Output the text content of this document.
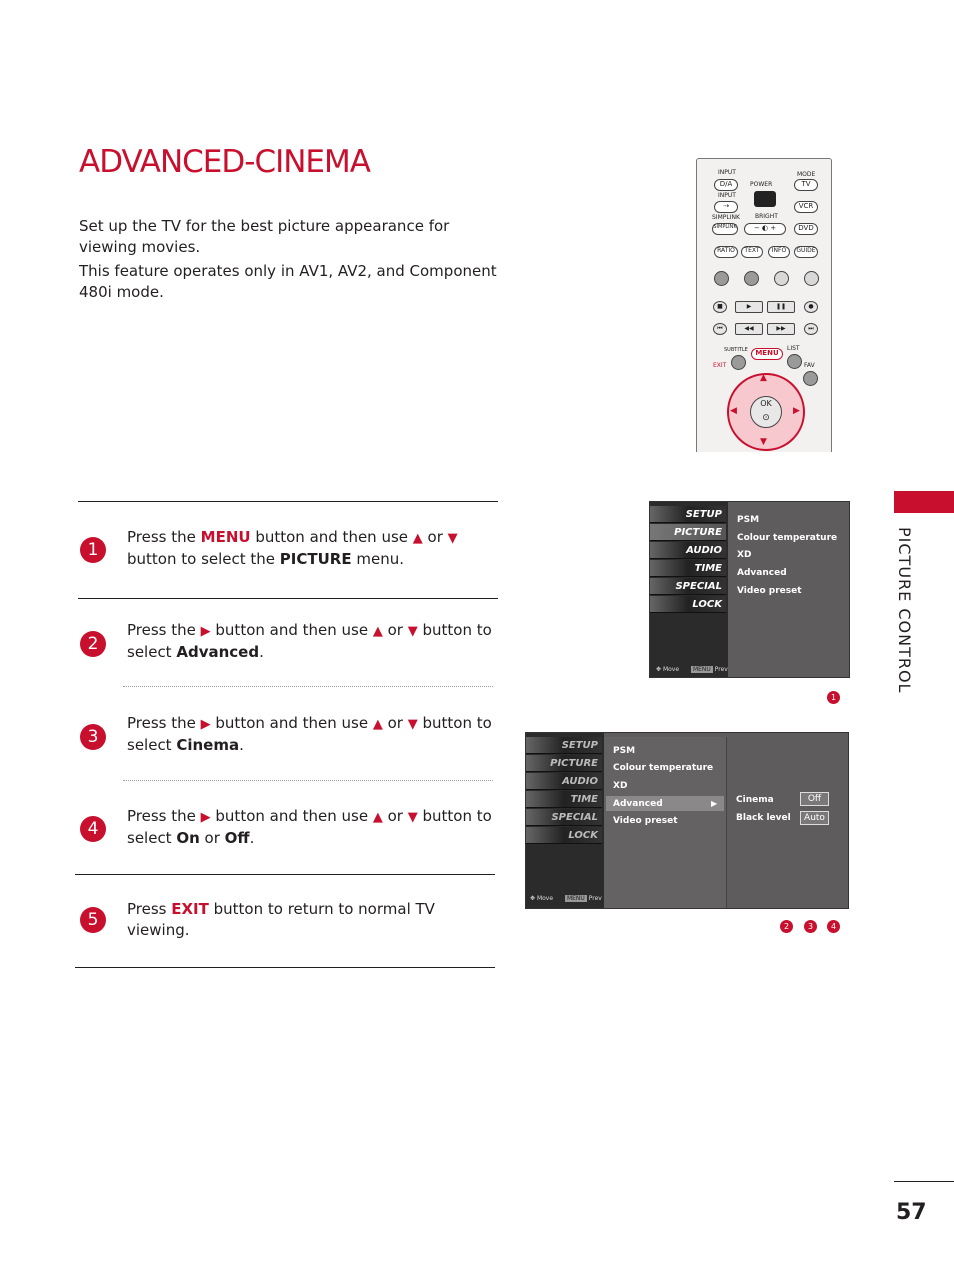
ADVANCED-CINEMA

Set up the TV for the best picture appearance for viewing movies.

This feature operates only in AV1, AV2, and Component 480i mode.

INPUT	MODE
D/A	POWER	TV
INPUT
⇢	VCR
SIMPLINK	BRIGHT
SIMPLINK	− ◐ +	DVD
RATIO	TEXT	INFO	GUIDE
■	▶	❚❚	●
⏮	◀◀	▶▶	⏭
SUBTITLE	LIST
MENU
EXIT	FAV
▲
▼
◀	▶
OK
⊙
1

Press the MENU button and then use ▲ or ▼ button to select the PICTURE menu.

2

Press the ▶ button and then use ▲ or ▼ button to select Advanced.

3

Press the ▶ button and then use ▲ or ▼ button to select Cinema.

4

Press the ▶ button and then use ▲ or ▼ button to select On or Off.

5

Press EXIT button to return to normal TV viewing.

SETUP
PICTURE
AUDIO
TIME
SPECIAL
LOCK
PSM
Colour temperature
XD
Advanced
Video preset
✥ Move MENU Prev
1
SETUP
PICTURE
AUDIO
TIME
SPECIAL
LOCK
PSM
Colour temperature
XD
Advanced	▶
Video preset
Cinema	Off
Black level	Auto
✥ Move MENU Prev
2	3	4
PICTURE CONTROL
57
